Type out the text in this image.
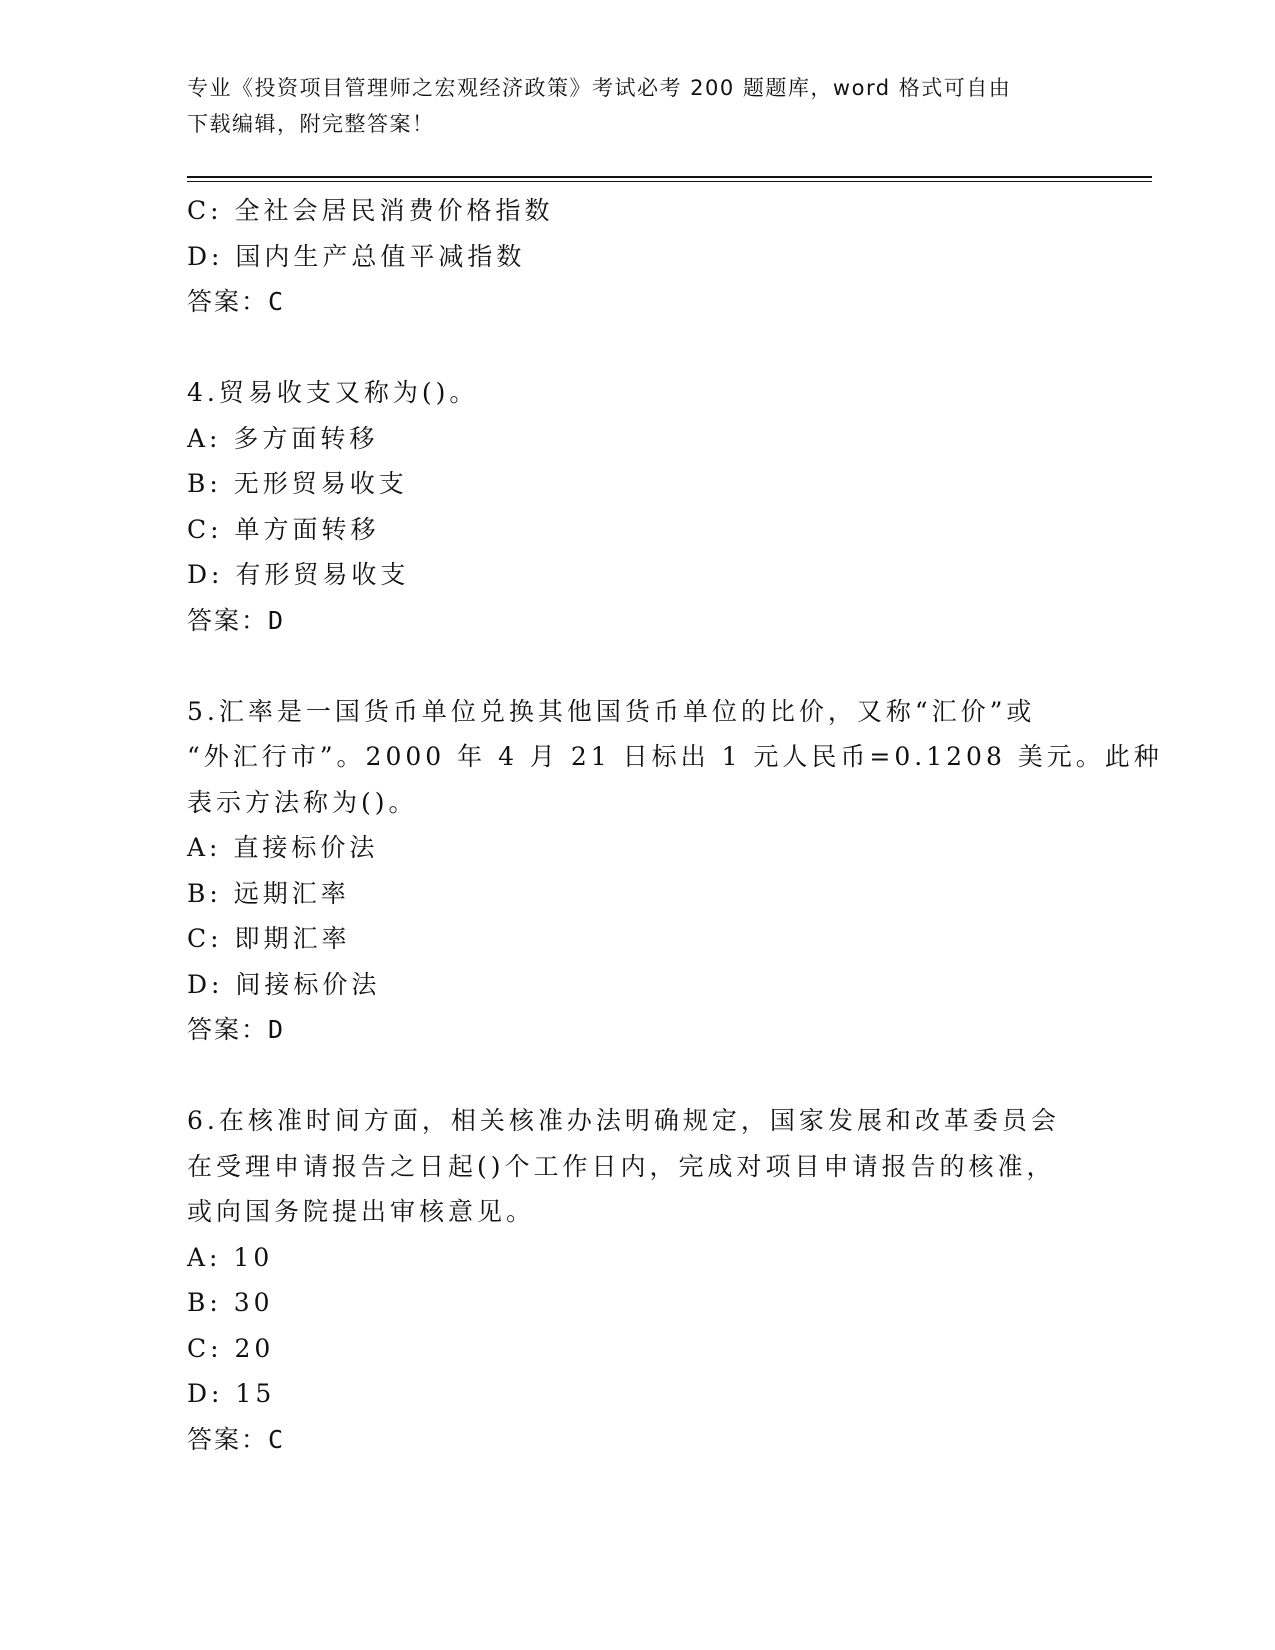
专业《投资项目管理师之宏观经济政策》考试必考 200 题题库，word 格式可自由
下载编辑，附完整答案！
C: 全社会居民消费价格指数
D: 国内生产总值平减指数
答案：C
4.贸易收支又称为()。
A: 多方面转移
B: 无形贸易收支
C: 单方面转移
D: 有形贸易收支
答案：D
5.汇率是一国货币单位兑换其他国货币单位的比价，又称“汇价”或
“外汇行市”。2000 年 4 月 21 日标出 1 元人民币=0.1208 美元。此种
表示方法称为()。
A: 直接标价法
B: 远期汇率
C: 即期汇率
D: 间接标价法
答案：D
6.在核准时间方面，相关核准办法明确规定，国家发展和改革委员会
在受理申请报告之日起()个工作日内，完成对项目申请报告的核准，
或向国务院提出审核意见。
A: 10
B: 30
C: 20
D: 15
答案：C
